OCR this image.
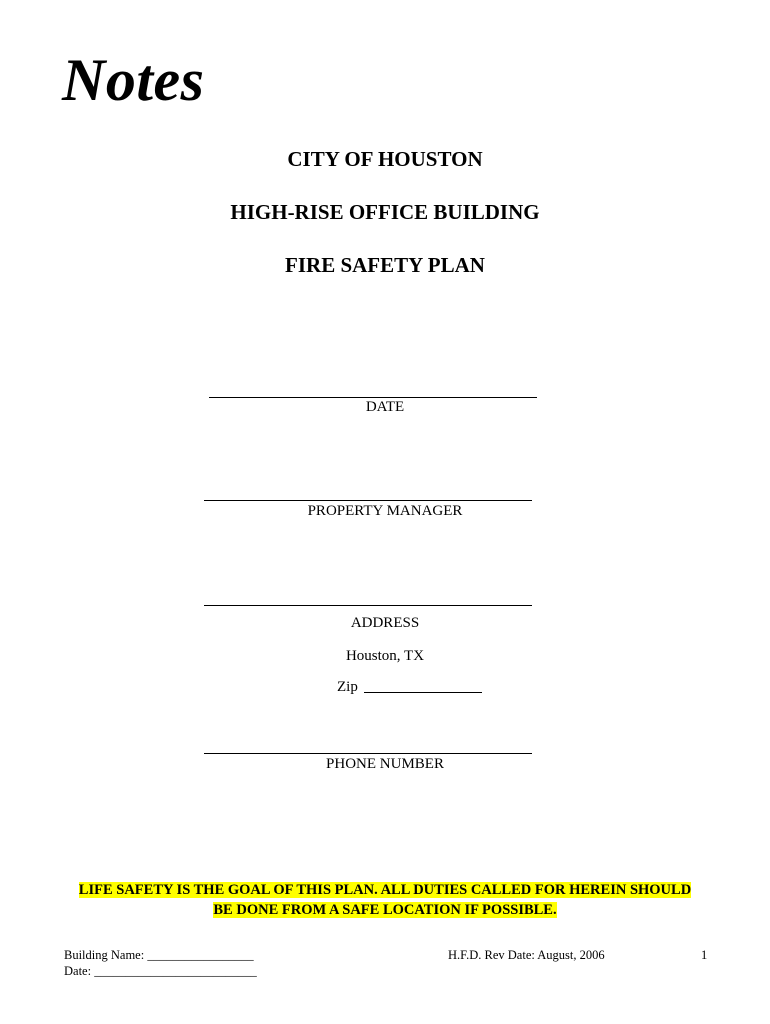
Notes
CITY OF HOUSTON
HIGH-RISE OFFICE BUILDING
FIRE SAFETY PLAN
DATE
PROPERTY MANAGER
ADDRESS
Houston, TX
Zip
PHONE NUMBER
LIFE SAFETY IS THE GOAL OF THIS PLAN. ALL DUTIES CALLED FOR HEREIN SHOULD
BE DONE FROM A SAFE LOCATION IF POSSIBLE.
Building Name: _________________
Date: __________________________
H.F.D. Rev Date: August, 2006	1
